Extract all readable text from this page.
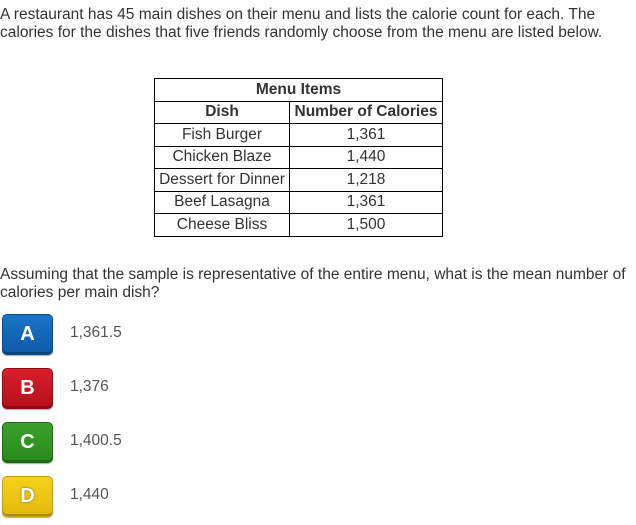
A restaurant has 45 main dishes on their menu and lists the calorie count for each. The calories for the dishes that five friends randomly choose from the menu are listed below.

Menu Items	
Dish	Number of Calories
Fish Burger	1,361
Chicken Blaze	1,440
Dessert for Dinner	1,218
Beef Lasagna	1,361
Cheese Bliss	1,500

Assuming that the sample is representative of the entire menu, what is the mean number of calories per main dish?

A	1,361.5
B	1,376
C	1,400.5
D	1,440
